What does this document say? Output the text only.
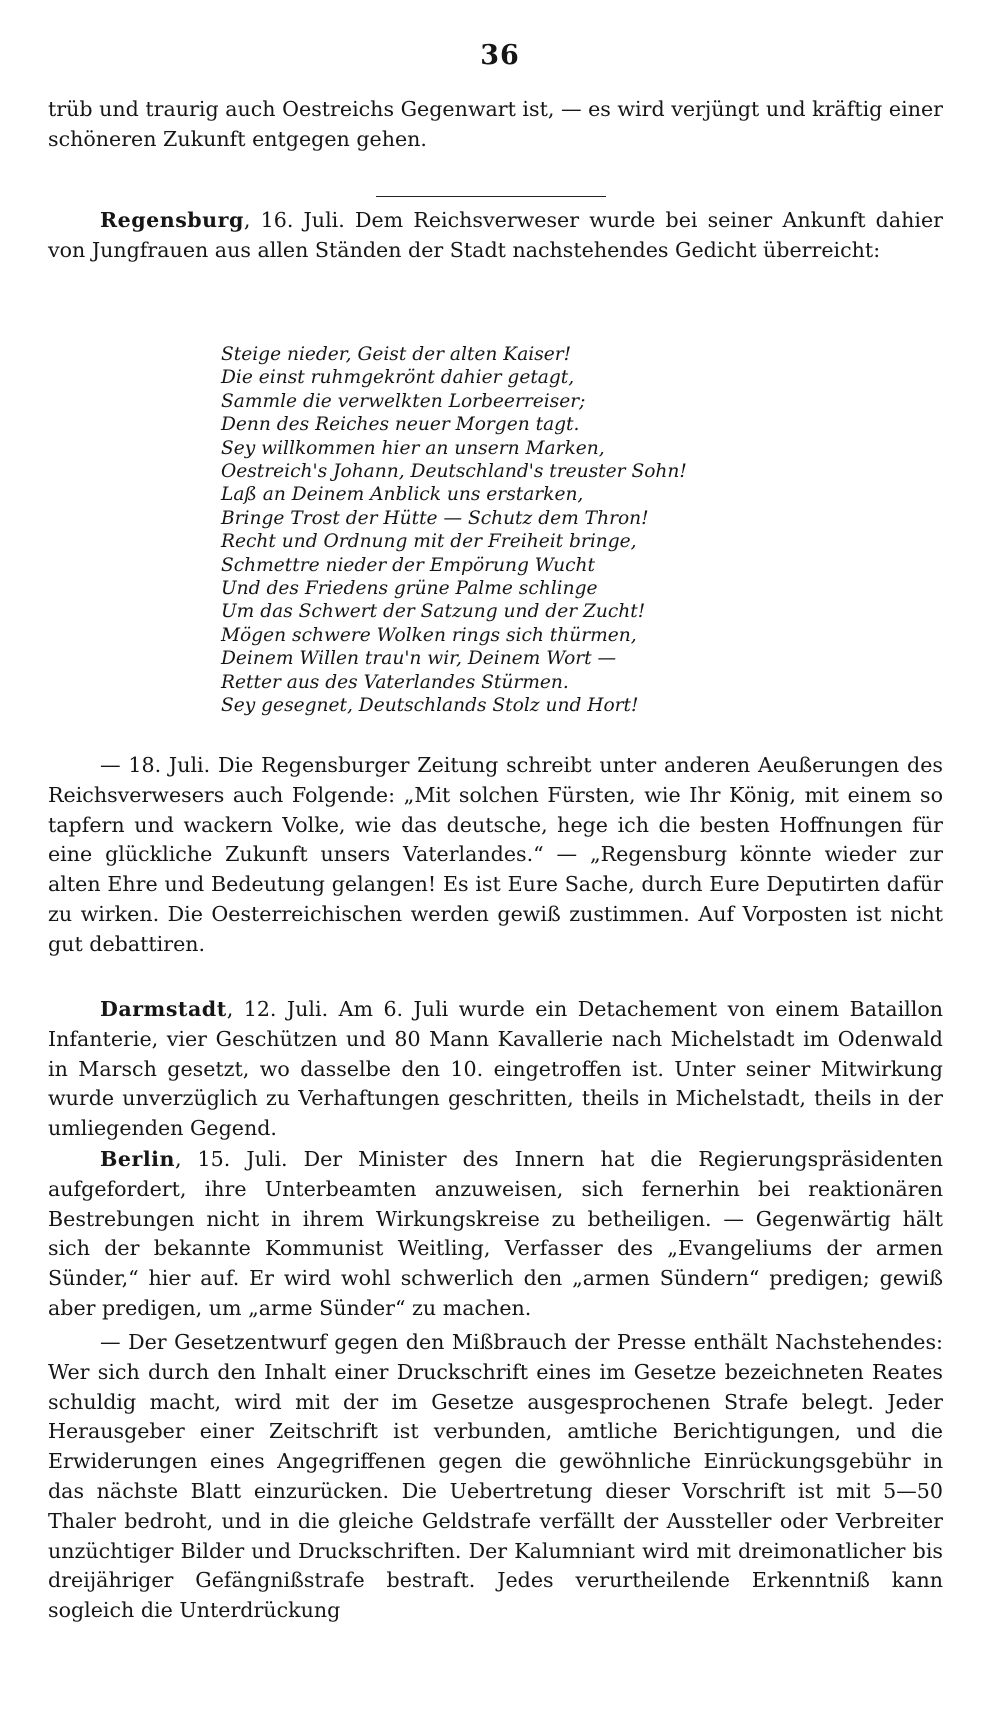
36
trüb und traurig auch Oestreichs Gegenwart ist, — es wird verjüngt und kräftig einer schöneren Zukunft entgegen gehen.
Regensburg, 16. Juli. Dem Reichsverweser wurde bei seiner Ankunft dahier von Jungfrauen aus allen Ständen der Stadt nachstehendes Gedicht überreicht:
Steige nieder, Geist der alten Kaiser!
Die einst ruhmgekrönt dahier getagt,
Sammle die verwelkten Lorbeerreiser;
Denn des Reiches neuer Morgen tagt.
Sey willkommen hier an unsern Marken,
Oestreich's Johann, Deutschland's treuster Sohn!
Laß an Deinem Anblick uns erstarken,
Bringe Trost der Hütte — Schutz dem Thron!
Recht und Ordnung mit der Freiheit bringe,
Schmettre nieder der Empörung Wucht
Und des Friedens grüne Palme schlinge
Um das Schwert der Satzung und der Zucht!
Mögen schwere Wolken rings sich thürmen,
Deinem Willen trau'n wir, Deinem Wort —
Retter aus des Vaterlandes Stürmen.
Sey gesegnet, Deutschlands Stolz und Hort!
— 18. Juli. Die Regensburger Zeitung schreibt unter anderen Aeußerungen des Reichsverwesers auch Folgende: „Mit solchen Fürsten, wie Ihr König, mit einem so tapfern und wackern Volke, wie das deutsche, hege ich die besten Hoffnungen für eine glückliche Zukunft unsers Vaterlandes.“ — „Regensburg könnte wieder zur alten Ehre und Bedeutung gelangen! Es ist Eure Sache, durch Eure Deputirten dafür zu wirken. Die Oesterreichischen werden gewiß zustimmen. Auf Vorposten ist nicht gut debattiren.
Darmstadt, 12. Juli. Am 6. Juli wurde ein Detachement von einem Bataillon Infanterie, vier Geschützen und 80 Mann Kavallerie nach Michelstadt im Odenwald in Marsch gesetzt, wo dasselbe den 10. eingetroffen ist. Unter seiner Mitwirkung wurde unverzüglich zu Verhaftungen geschritten, theils in Michelstadt, theils in der umliegenden Gegend.
Berlin, 15. Juli. Der Minister des Innern hat die Regierungspräsidenten aufgefordert, ihre Unterbeamten anzuweisen, sich fernerhin bei reaktionären Bestrebungen nicht in ihrem Wirkungskreise zu betheiligen. — Gegenwärtig hält sich der bekannte Kommunist Weitling, Verfasser des „Evangeliums der armen Sünder,“ hier auf. Er wird wohl schwerlich den „armen Sündern“ predigen; gewiß aber predigen, um „arme Sünder“ zu machen.
— Der Gesetzentwurf gegen den Mißbrauch der Presse enthält Nachstehendes: Wer sich durch den Inhalt einer Druckschrift eines im Gesetze bezeichneten Reates schuldig macht, wird mit der im Gesetze ausgesprochenen Strafe belegt. Jeder Herausgeber einer Zeitschrift ist verbunden, amtliche Berichtigungen, und die Erwiderungen eines Angegriffenen gegen die gewöhnliche Einrückungsgebühr in das nächste Blatt einzurücken. Die Uebertretung dieser Vorschrift ist mit 5—50 Thaler bedroht, und in die gleiche Geldstrafe verfällt der Aussteller oder Verbreiter unzüchtiger Bilder und Druckschriften. Der Kalumniant wird mit dreimonatlicher bis dreijähriger Gefängnißstrafe bestraft. Jedes verurtheilende Erkenntniß kann sogleich die Unterdrückung
